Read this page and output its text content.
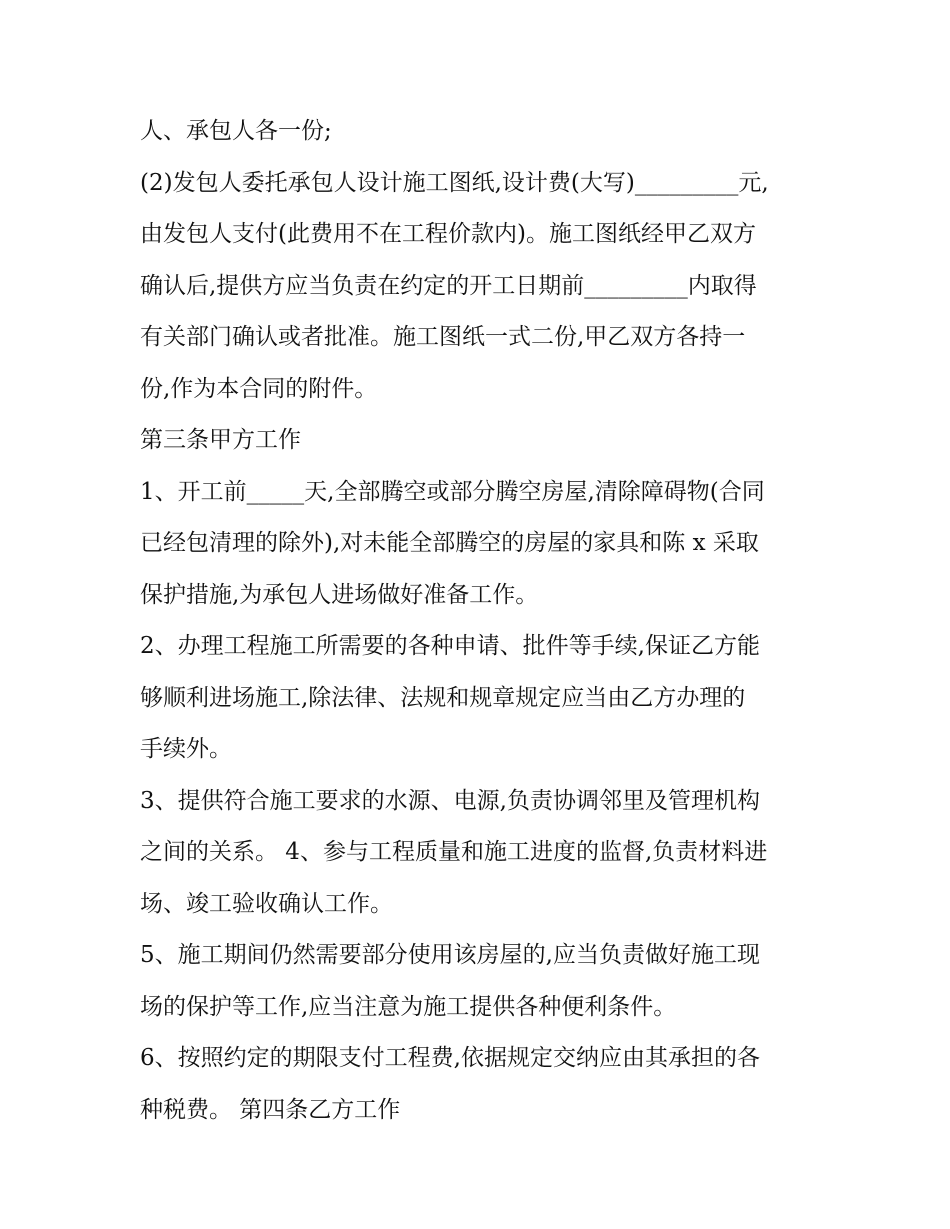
人、承包人各一份;
(2)发包人委托承包人设计施工图纸,设计费(大写)_________元,
由发包人支付(此费用不在工程价款内)。施工图纸经甲乙双方
确认后,提供方应当负责在约定的开工日期前_________内取得
有关部门确认或者批准。施工图纸一式二份,甲乙双方各持一
份,作为本合同的附件。
第三条甲方工作
1、开工前_____天,全部腾空或部分腾空房屋,清除障碍物(合同
已经包清理的除外),对未能全部腾空的房屋的家具和陈 x 采取
保护措施,为承包人进场做好准备工作。
2、办理工程施工所需要的各种申请、批件等手续,保证乙方能
够顺利进场施工,除法律、法规和规章规定应当由乙方办理的
手续外。
3、提供符合施工要求的水源、电源,负责协调邻里及管理机构
之间的关系。 4、参与工程质量和施工进度的监督,负责材料进
场、竣工验收确认工作。
5、施工期间仍然需要部分使用该房屋的,应当负责做好施工现
场的保护等工作,应当注意为施工提供各种便利条件。
6、按照约定的期限支付工程费,依据规定交纳应由其承担的各
种税费。 第四条乙方工作
